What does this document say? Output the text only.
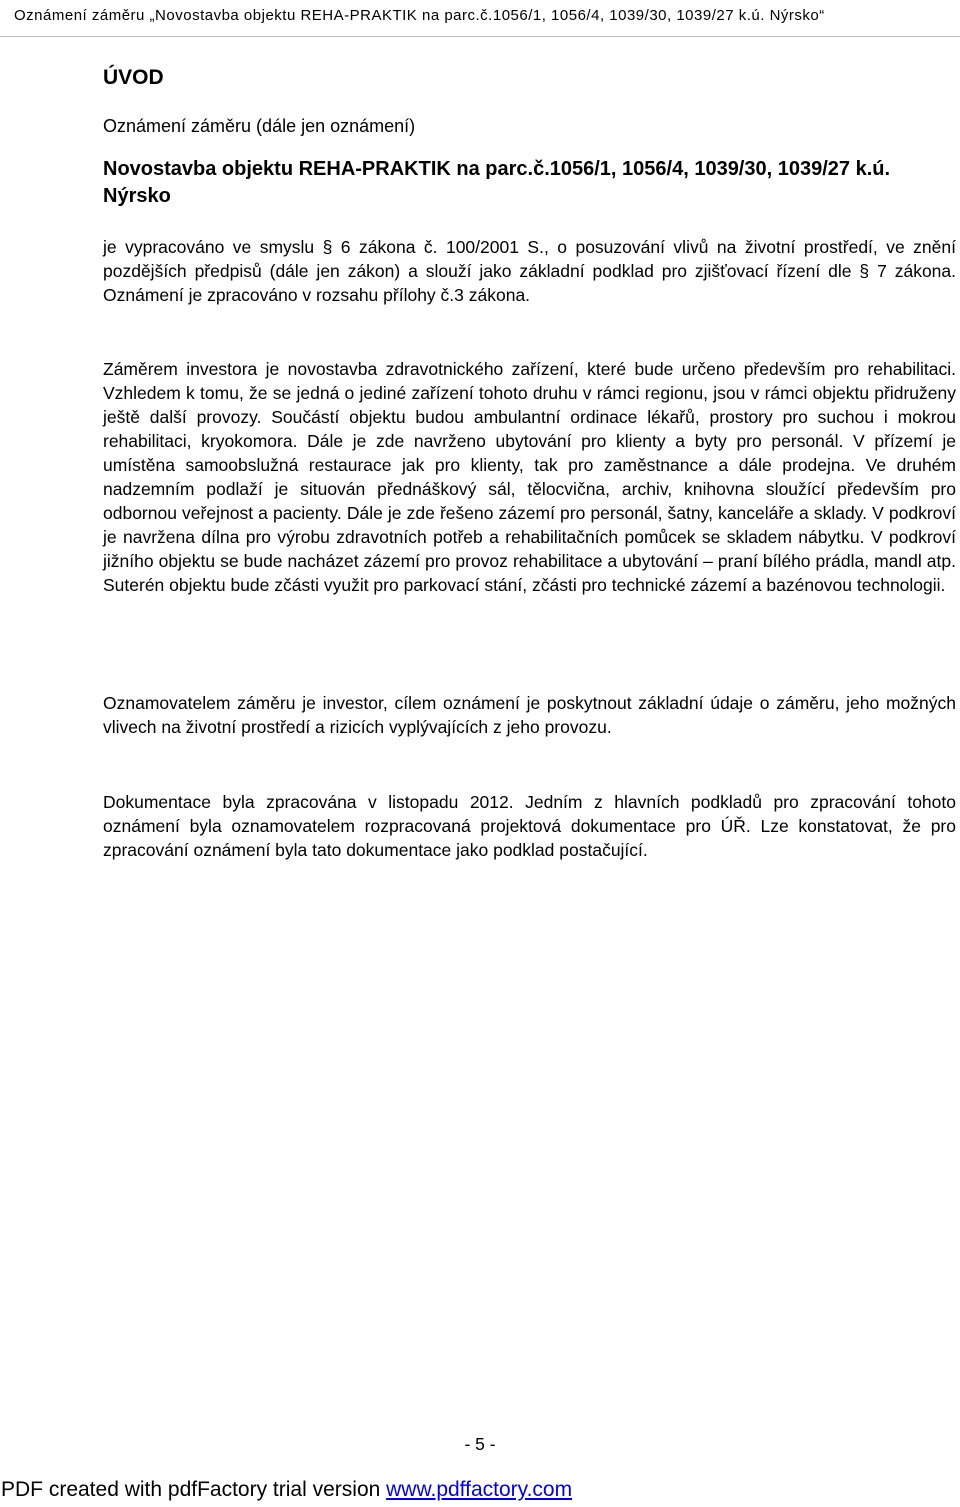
Oznámení záměru „Novostavba objektu REHA-PRAKTIK na parc.č.1056/1, 1056/4, 1039/30, 1039/27 k.ú. Nýrsko“
ÚVOD
Oznámení záměru (dále jen oznámení)
Novostavba objektu REHA-PRAKTIK na parc.č.1056/1, 1056/4, 1039/30, 1039/27 k.ú. Nýrsko
je vypracováno ve smyslu § 6 zákona č. 100/2001 S., o posuzování vlivů na životní prostředí, ve znění pozdějších předpisů (dále jen zákon) a slouží jako základní podklad pro zjišťovací řízení dle § 7 zákona. Oznámení je zpracováno v rozsahu přílohy č.3 zákona.
Záměrem investora je novostavba zdravotnického zařízení, které bude určeno především pro rehabilitaci. Vzhledem k tomu, že se jedná o jediné zařízení tohoto druhu v rámci regionu, jsou v rámci objektu přidruženy ještě další provozy. Součástí objektu budou ambulantní ordinace lékařů, prostory pro suchou i mokrou rehabilitaci, kryokomora. Dále je zde navrženo ubytování pro klienty a byty pro personál. V přízemí je umístěna samoobslužná restaurace jak pro klienty, tak pro zaměstnance a dále prodejna. Ve druhém nadzemním podlaží je situován přednáškový sál, tělocvična, archiv, knihovna sloužící především pro odbornou veřejnost a pacienty. Dále je zde řešeno zázemí pro personál, šatny, kanceláře a sklady. V podkroví je navržena dílna pro výrobu zdravotních potřeb a rehabilitačních pomůcek se skladem nábytku. V podkroví jižního objektu se bude nacházet zázemí pro provoz rehabilitace a ubytování – praní bílého prádla, mandl atp. Suterén objektu bude zčásti využit pro parkovací stání, zčásti pro technické zázemí a bazénovou technologii.
Oznamovatelem záměru je investor, cílem oznámení je poskytnout základní údaje o záměru, jeho možných vlivech na životní prostředí a rizicích vyplývajících z jeho provozu.
Dokumentace byla zpracována v listopadu 2012. Jedním z hlavních podkladů pro zpracování tohoto oznámení byla oznamovatelem rozpracovaná projektová dokumentace pro ÚŘ. Lze konstatovat, že pro zpracování oznámení byla tato dokumentace jako podklad postačující.
- 5 -
PDF created with pdfFactory trial version www.pdffactory.com
